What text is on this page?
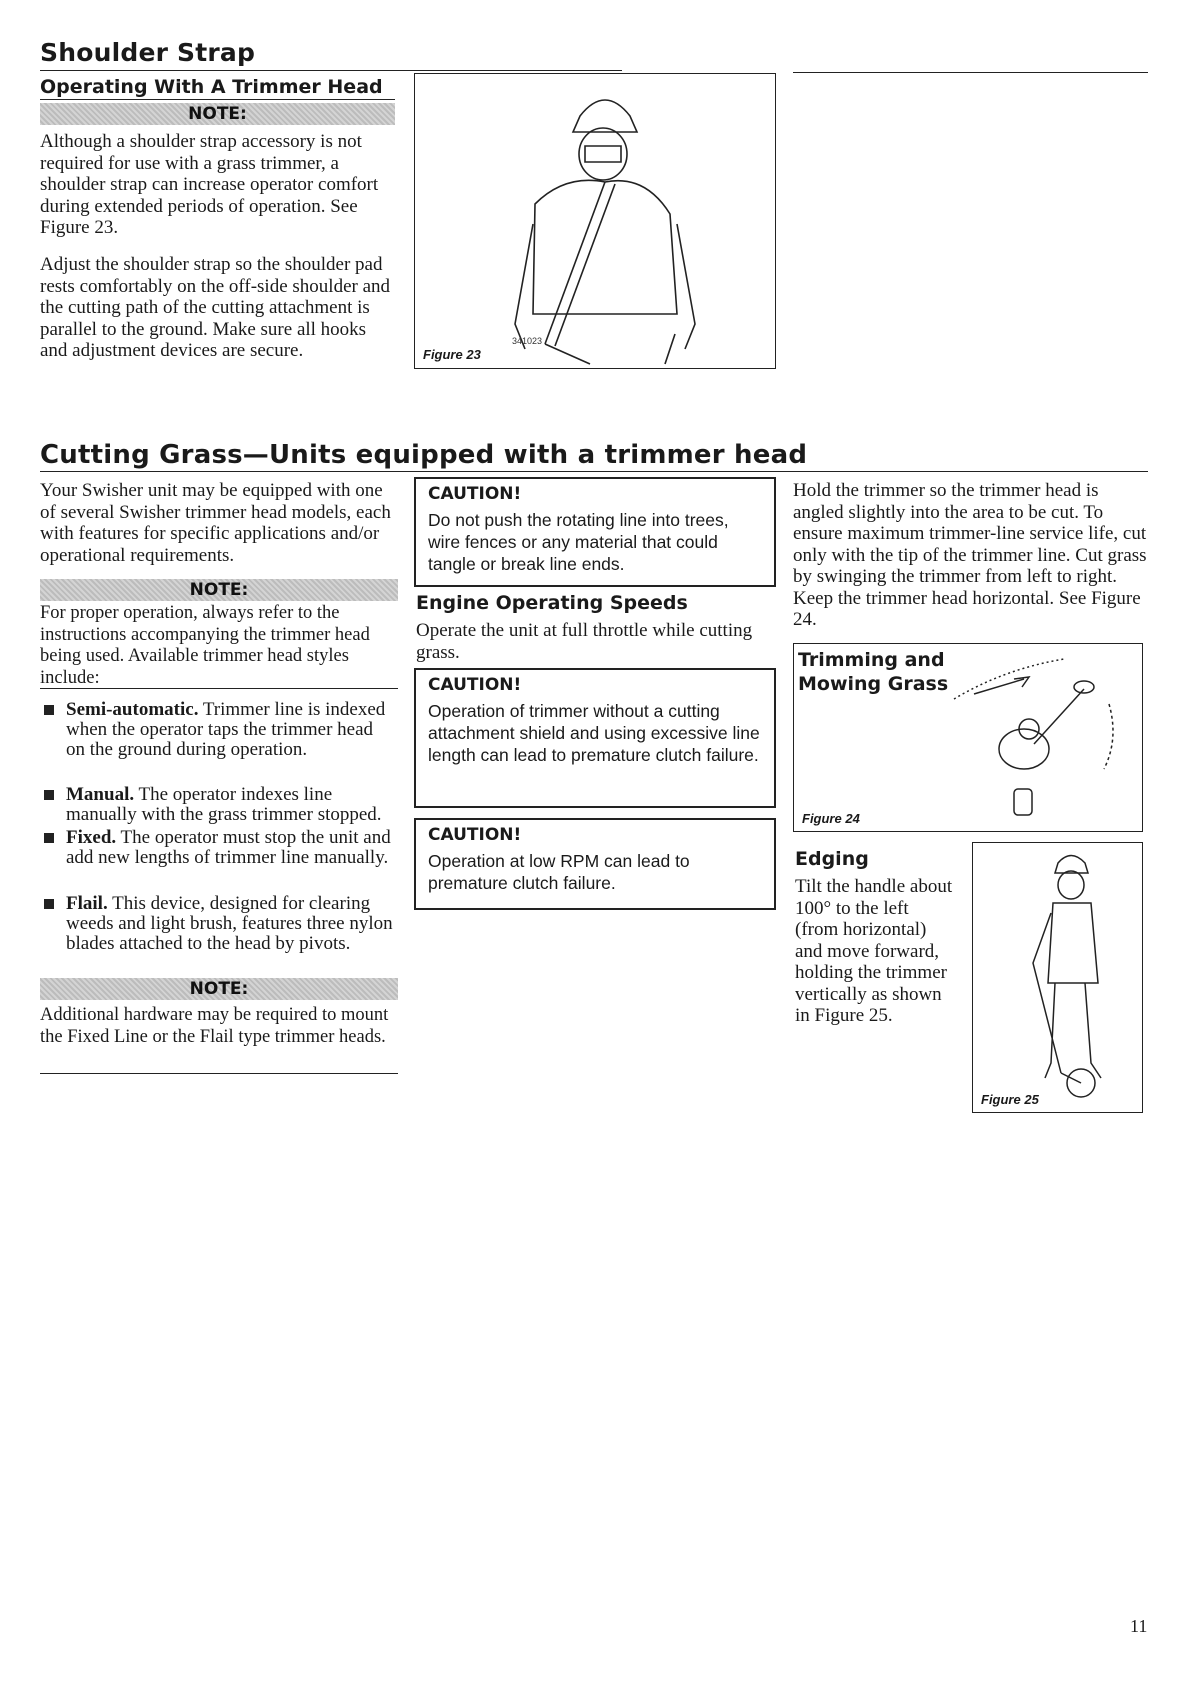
Shoulder Strap
Operating With A Trimmer Head
NOTE:
Although a shoulder strap accessory is not required for use with a grass trimmer, a shoulder strap can increase operator comfort during extended periods of operation. See Figure 23.
Adjust the shoulder strap so the shoulder pad rests comfortably on the off-side shoulder and the cutting path of the cutting attachment is parallel to the ground. Make sure all hooks and adjustment devices are secure.	341023
Figure 23
Cutting Grass—Units equipped with a trimmer head
Your Swisher unit may be equipped with one of several Swisher trimmer head models, each with features for specific applications and/or operational requirements.
NOTE:
For proper operation, always refer to the instructions accompanying the trimmer head being used. Available trimmer head styles include:
Semi-automatic. Trimmer line is indexed when the operator taps the trimmer head on the ground during operation.
Manual. The operator indexes line manually with the grass trimmer stopped.
Fixed. The operator must stop the unit and add new lengths of trimmer line manually.
Flail. This device, designed for clearing weeds and light brush, features three nylon blades attached to the head by pivots.
NOTE:
Additional hardware may be required to mount the Fixed Line or the Flail type trimmer heads.
CAUTION!
Do not push the rotating line into trees, wire fences or any material that could tangle or break line ends.
Engine Operating Speeds
Operate the unit at full throttle while cutting grass.
CAUTION!
Operation of trimmer without a cutting attachment shield and using excessive line length can lead to premature clutch failure.
CAUTION!
Operation at low RPM can lead to premature clutch failure.
Hold the trimmer so the trimmer head is angled slightly into the area to be cut. To ensure maximum trimmer-line service life, cut only with the tip of the trimmer line. Cut grass by swinging the trimmer from left to right. Keep the trimmer head horizontal. See Figure 24.
Trimming and
Mowing Grass
Figure 24
Edging
Tilt the handle about 100° to the left (from horizontal) and move forward, holding the trimmer vertically as shown in Figure 25.
Figure 25
11
